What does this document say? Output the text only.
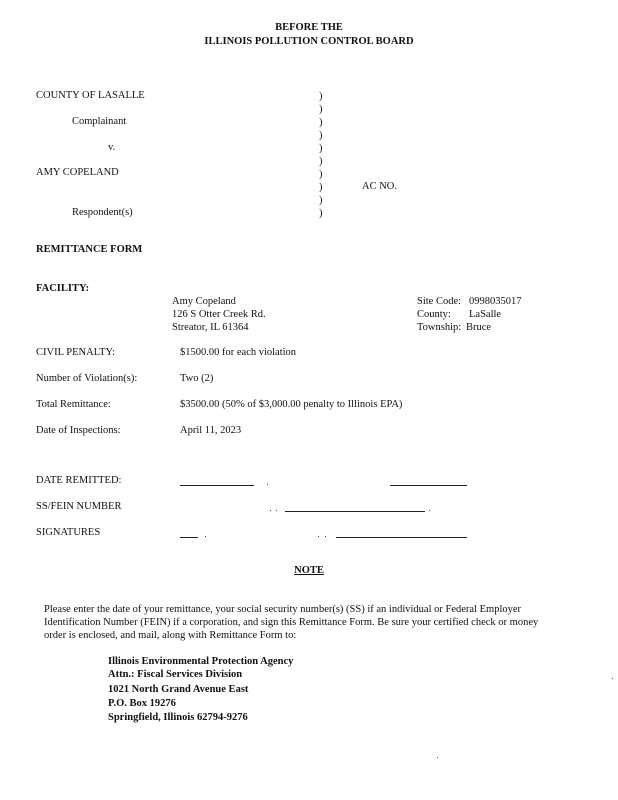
BEFORE THE
ILLINOIS POLLUTION CONTROL BOARD
COUNTY OF LASALLE
Complainant
v.
AMY COPELAND
Respondent(s)
AC NO.
)
)
)
)
)
)
)
)
)
)
REMITTANCE FORM
FACILITY:
Amy Copeland
126 S Otter Creek Rd.
Streator, IL 61364
Site Code: 0998035017
County: LaSalle
Township: Bruce
CIVIL PENALTY:	$1500.00 for each violation
Number of Violation(s):	Two (2)
Total Remittance:	$3500.00 (50% of $3,000.00 penalty to Illinois EPA)
Date of Inspections:	April 11, 2023
DATE REMITTED:
SS/FEIN NUMBER
SIGNATURES
NOTE
Please enter the date of your remittance, your social security number(s) (SS) if an individual or Federal Employer
Identification Number (FEIN) if a corporation, and sign this Remittance Form. Be sure your certified check or money
order is enclosed, and mail, along with Remittance Form to:
Illinois Environmental Protection Agency
Attn.: Fiscal Services Division
1021 North Grand Avenue East
P.O. Box 19276
Springfield, Illinois 62794-9276
